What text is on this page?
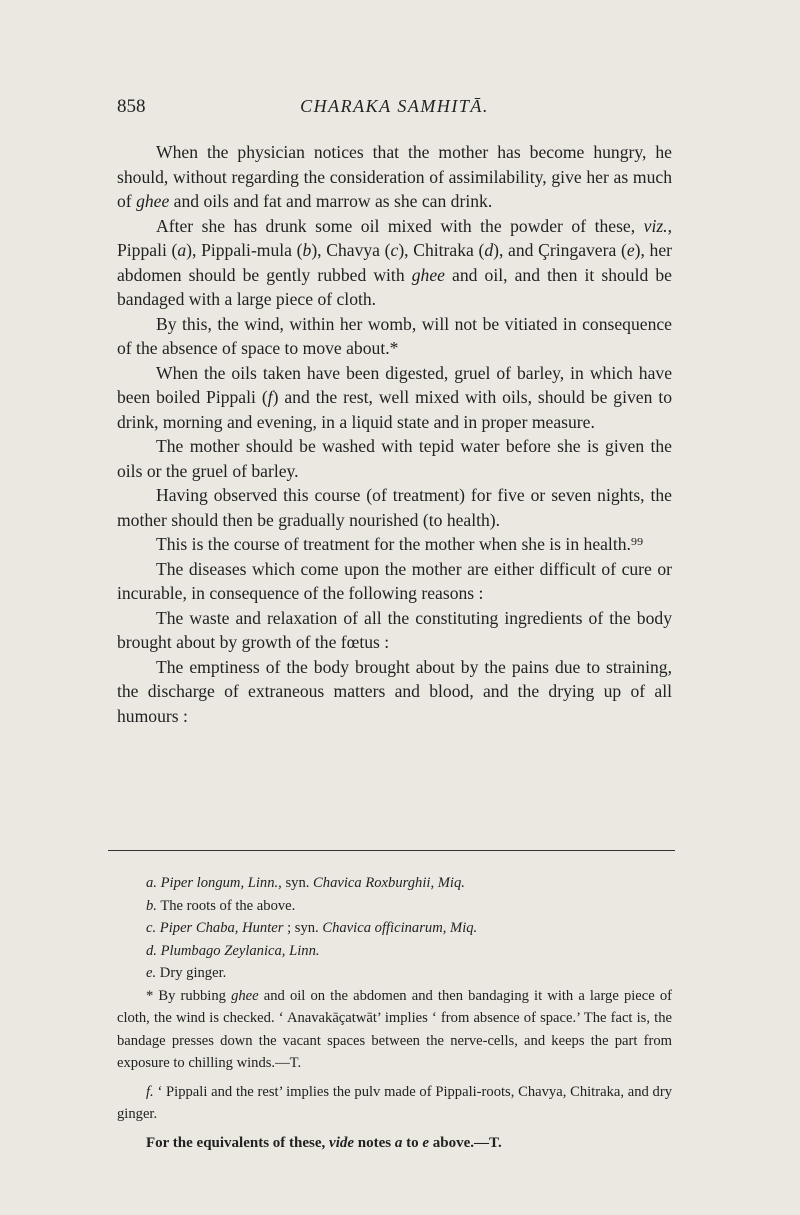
858	CHARAKA SAMHITĀ.

When the physician notices that the mother has become hungry, he should, without regarding the consideration of assimilability, give her as much of ghee and oils and fat and marrow as she can drink.

After she has drunk some oil mixed with the powder of these, viz., Pippali (a), Pippali-mula (b), Chavya (c), Chitraka (d), and Çringavera (e), her abdomen should be gently rubbed with ghee and oil, and then it should be bandaged with a large piece of cloth.

By this, the wind, within her womb, will not be vitiated in consequence of the absence of space to move about.*

When the oils taken have been digested, gruel of barley, in which have been boiled Pippali (f) and the rest, well mixed with oils, should be given to drink, morning and evening, in a liquid state and in proper measure.

The mother should be washed with tepid water before she is given the oils or the gruel of barley.

Having observed this course (of treatment) for five or seven nights, the mother should then be gradually nourished (to health).

This is the course of treatment for the mother when she is in health.⁹⁹

The diseases which come upon the mother are either difficult of cure or incurable, in consequence of the following reasons :

The waste and relaxation of all the constituting ingredients of the body brought about by growth of the fœtus :

The emptiness of the body brought about by the pains due to straining, the discharge of extraneous matters and blood, and the drying up of all humours :

a. Piper longum, Linn., syn. Chavica Roxburghii, Miq.

b. The roots of the above.

c. Piper Chaba, Hunter ; syn. Chavica officinarum, Miq.

d. Plumbago Zeylanica, Linn.

e. Dry ginger.

* By rubbing ghee and oil on the abdomen and then bandaging it with a large piece of cloth, the wind is checked. ‘ Anavakāçatwāt’ implies ‘ from absence of space.’ The fact is, the bandage presses down the vacant spaces between the nerve-cells, and keeps the part from exposure to chilling winds.—T.

f. ‘ Pippali and the rest’ implies the pulv made of Pippali-roots, Chavya, Chitraka, and dry ginger.

For the equivalents of these, vide notes a to e above.—T.
